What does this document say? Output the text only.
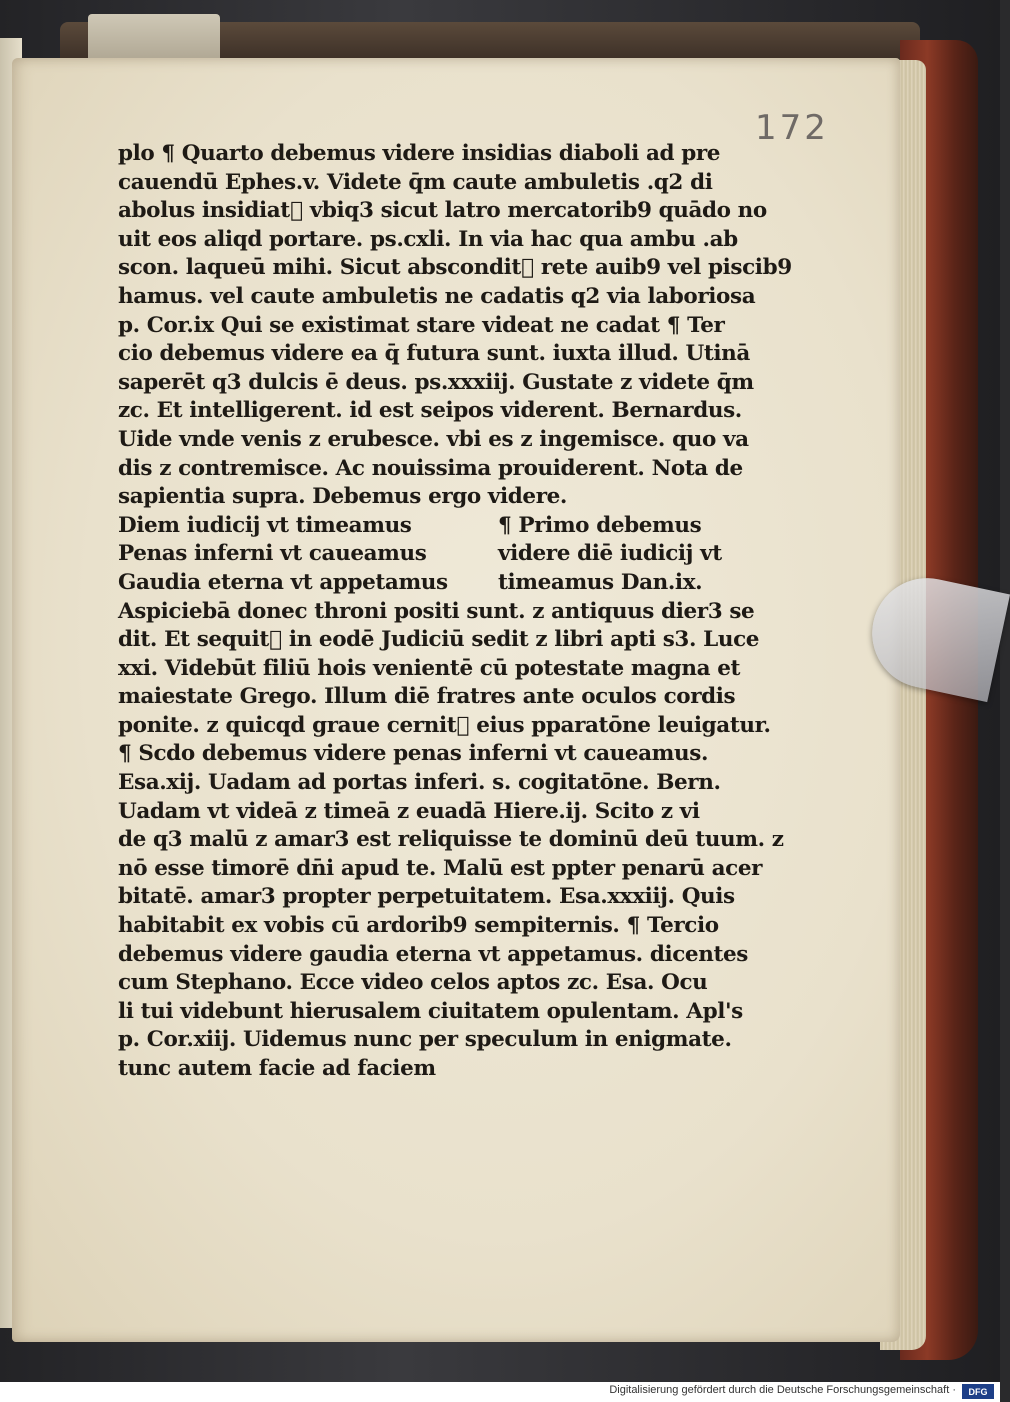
172
plo ¶ Quarto debemus videre insidias diaboli ad pre
cauendū Ephes.v. Videte q̄m caute ambuletis .q2 di
abolus insidiat᷑ vbiq3 sicut latro mercatorib9 quādo no
uit eos aliqd portare. ps.cxli. In via hac qua ambu .ab
scon. laqueū mihi. Sicut abscondit᷑ rete auib9 vel piscib9
hamus. vel caute ambuletis ne cadatis q2 via laboriosa
p. Cor.ix Qui se existimat stare videat ne cadat ¶ Ter
cio debemus videre ea q̄ futura sunt. iuxta illud. Utinā
saperēt q3 dulcis ē deus. ps.xxxiij. Gustate z videte q̄m
zc. Et intelligerent. id est seipos viderent. Bernardus.
Uide vnde venis z erubesce. vbi es z ingemisce. quo va
dis z contremisce. Ac nouissima prouiderent. Nota de
sapientia supra. Debemus ergo videre.
Diem iudicij vt timeamus
Penas inferni vt caueamus
Gaudia eterna vt appetamus
¶ Primo debemus
videre diē iudicij vt
timeamus Dan.ix.
Aspiciebā donec throni positi sunt. z antiquus dier3 se
dit. Et sequit᷑ in eodē Judiciū sedit z libri apti s3. Luce
xxi. Videbūt filiū hois venientē cū potestate magna et
maiestate Grego. Illum diē fratres ante oculos cordis
ponite. z quicqd graue cernit᷑ eius pparatōne leuigatur.
¶ Scdo debemus videre penas inferni vt caueamus.
Esa.xij. Uadam ad portas inferi. s. cogitatōne. Bern.
Uadam vt videā z timeā z euadā Hiere.ij. Scito z vi
de q3 malū z amar3 est reliquisse te dominū deū tuum. z
nō esse timorē dn̄i apud te. Malū est ppter penarū acer
bitatē. amar3 propter perpetuitatem. Esa.xxxiij. Quis
habitabit ex vobis cū ardorib9 sempiternis. ¶ Tercio
debemus videre gaudia eterna vt appetamus. dicentes
cum Stephano. Ecce video celos aptos zc. Esa. Ocu
li tui videbunt hierusalem ciuitatem opulentam. Apl's
p. Cor.xiij. Uidemus nunc per speculum in enigmate.
tunc autem facie ad faciem
Digitalisierung gefördert durch die Deutsche Forschungsgemeinschaft ·	DFG
